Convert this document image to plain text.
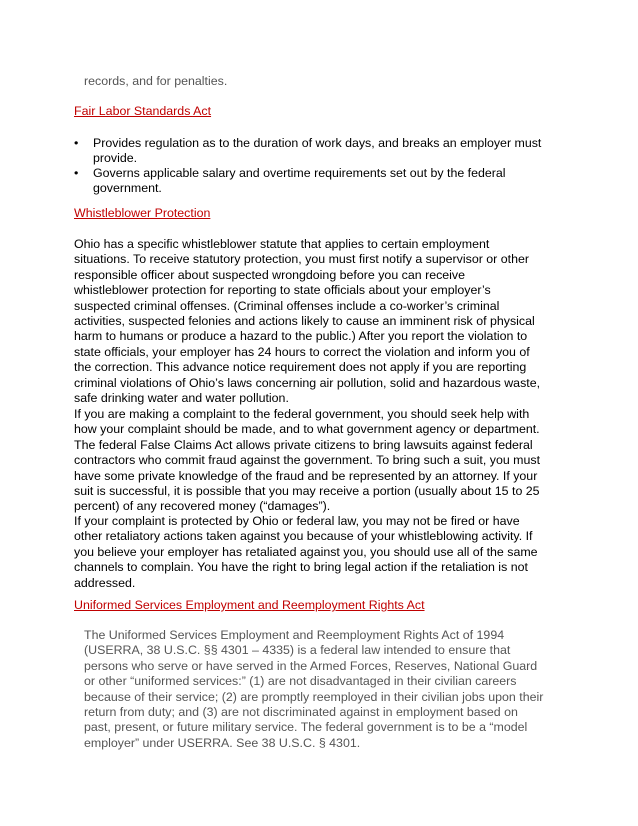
records, and for penalties.
Fair Labor Standards Act
•	Provides regulation as to the duration of work days, and breaks an employer must
provide.
•	Governs applicable salary and overtime requirements set out by the federal
government.
Whistleblower Protection
Ohio has a specific whistleblower statute that applies to certain employment
situations. To receive statutory protection, you must first notify a supervisor or other
responsible officer about suspected wrongdoing before you can receive
whistleblower protection for reporting to state officials about your employer’s
suspected criminal offenses. (Criminal offenses include a co-worker’s criminal
activities, suspected felonies and actions likely to cause an imminent risk of physical
harm to humans or produce a hazard to the public.) After you report the violation to
state officials, your employer has 24 hours to correct the violation and inform you of
the correction. This advance notice requirement does not apply if you are reporting
criminal violations of Ohio’s laws concerning air pollution, solid and hazardous waste,
safe drinking water and water pollution.
If you are making a complaint to the federal government, you should seek help with
how your complaint should be made, and to what government agency or department.
The federal False Claims Act allows private citizens to bring lawsuits against federal
contractors who commit fraud against the government. To bring such a suit, you must
have some private knowledge of the fraud and be represented by an attorney. If your
suit is successful, it is possible that you may receive a portion (usually about 15 to 25
percent) of any recovered money (“damages”).
If your complaint is protected by Ohio or federal law, you may not be fired or have
other retaliatory actions taken against you because of your whistleblowing activity. If
you believe your employer has retaliated against you, you should use all of the same
channels to complain. You have the right to bring legal action if the retaliation is not
addressed.
Uniformed Services Employment and Reemployment Rights Act
The Uniformed Services Employment and Reemployment Rights Act of 1994
(USERRA, 38 U.S.C. §§ 4301 – 4335) is a federal law intended to ensure that
persons who serve or have served in the Armed Forces, Reserves, National Guard
or other “uniformed services:” (1) are not disadvantaged in their civilian careers
because of their service; (2) are promptly reemployed in their civilian jobs upon their
return from duty; and (3) are not discriminated against in employment based on
past, present, or future military service. The federal government is to be a “model
employer” under USERRA. See 38 U.S.C. § 4301.
